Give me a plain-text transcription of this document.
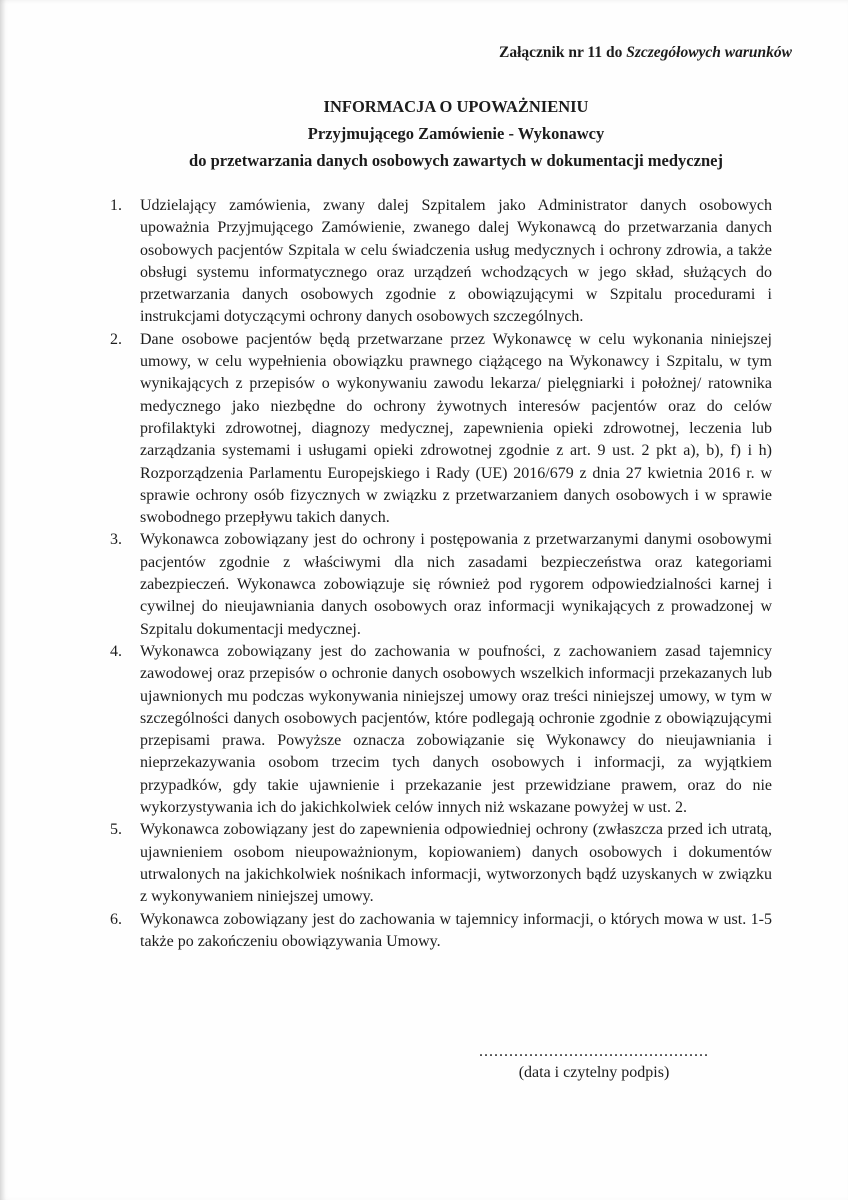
Załącznik nr 11 do Szczegółowych warunków
INFORMACJA O UPOWAŻNIENIU
Przyjmującego Zamówienie - Wykonawcy
do przetwarzania danych osobowych zawartych w dokumentacji medycznej
1.	Udzielający zamówienia, zwany dalej Szpitalem jako Administrator danych osobowych upoważnia Przyjmującego Zamówienie, zwanego dalej Wykonawcą do przetwarzania danych osobowych pacjentów Szpitala w celu świadczenia usług medycznych i ochrony zdrowia, a także obsługi systemu informatycznego oraz urządzeń wchodzących w jego skład, służących do przetwarzania danych osobowych zgodnie z obowiązującymi w Szpitalu procedurami i instrukcjami dotyczącymi ochrony danych osobowych szczególnych.
2.	Dane osobowe pacjentów będą przetwarzane przez Wykonawcę w celu wykonania niniejszej umowy, w celu wypełnienia obowiązku prawnego ciążącego na Wykonawcy i Szpitalu, w tym wynikających z przepisów o wykonywaniu zawodu lekarza/ pielęgniarki i położnej/ ratownika medycznego jako niezbędne do ochrony żywotnych interesów pacjentów oraz do celów profilaktyki zdrowotnej, diagnozy medycznej, zapewnienia opieki zdrowotnej, leczenia lub zarządzania systemami i usługami opieki zdrowotnej zgodnie z art. 9 ust. 2 pkt a), b), f) i h) Rozporządzenia Parlamentu Europejskiego i Rady (UE) 2016/679 z dnia 27 kwietnia 2016 r. w sprawie ochrony osób fizycznych w związku z przetwarzaniem danych osobowych i w sprawie swobodnego przepływu takich danych.
3.	Wykonawca zobowiązany jest do ochrony i postępowania z przetwarzanymi danymi osobowymi pacjentów zgodnie z właściwymi dla nich zasadami bezpieczeństwa oraz kategoriami zabezpieczeń. Wykonawca zobowiązuje się również pod rygorem odpowiedzialności karnej i cywilnej do nieujawniania danych osobowych oraz informacji wynikających z prowadzonej w Szpitalu dokumentacji medycznej.
4.	Wykonawca zobowiązany jest do zachowania w poufności, z zachowaniem zasad tajemnicy zawodowej oraz przepisów o ochronie danych osobowych wszelkich informacji przekazanych lub ujawnionych mu podczas wykonywania niniejszej umowy oraz treści niniejszej umowy, w tym w szczególności danych osobowych pacjentów, które podlegają ochronie zgodnie z obowiązującymi przepisami prawa. Powyższe oznacza zobowiązanie się Wykonawcy do nieujawniania i nieprzekazywania osobom trzecim tych danych osobowych i informacji, za wyjątkiem przypadków, gdy takie ujawnienie i przekazanie jest przewidziane prawem, oraz do nie wykorzystywania ich do jakichkolwiek celów innych niż wskazane powyżej w ust. 2.
5.	Wykonawca zobowiązany jest do zapewnienia odpowiedniej ochrony (zwłaszcza przed ich utratą, ujawnieniem osobom nieupoważnionym, kopiowaniem) danych osobowych i dokumentów utrwalonych na jakichkolwiek nośnikach informacji, wytworzonych bądź uzyskanych w związku z wykonywaniem niniejszej umowy.
6.	Wykonawca zobowiązany jest do zachowania w tajemnicy informacji, o których mowa w ust. 1-5 także po zakończeniu obowiązywania Umowy.
..............................................
(data i czytelny podpis)
